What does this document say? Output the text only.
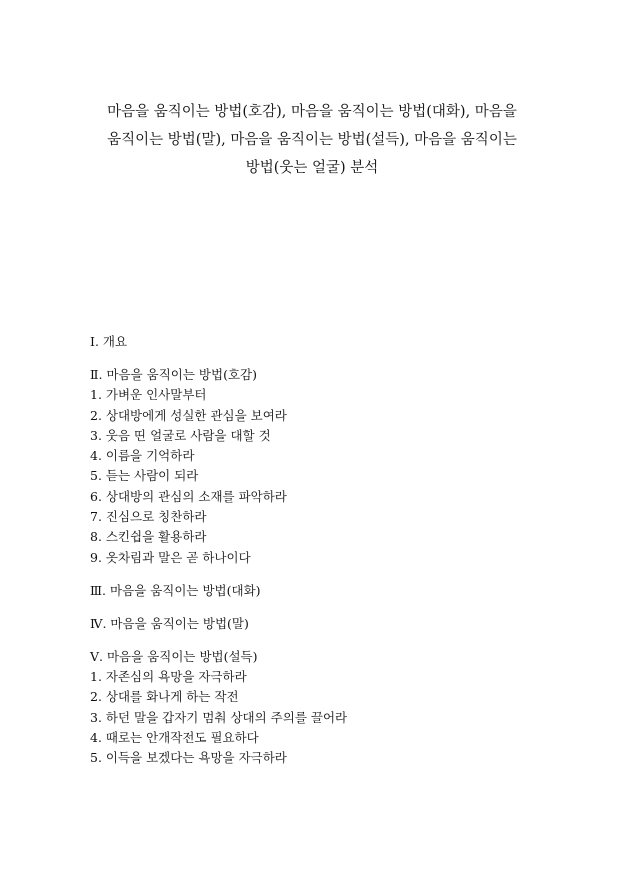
마음을 움직이는 방법(호감), 마음을 움직이는 방법(대화), 마음을
움직이는 방법(말), 마음을 움직이는 방법(설득), 마음을 움직이는
방법(웃는 얼굴) 분석
Ⅰ. 개요
Ⅱ. 마음을 움직이는 방법(호감)
1. 가벼운 인사말부터
2. 상대방에게 성실한 관심을 보여라
3. 웃음 띤 얼굴로 사람을 대할 것
4. 이름을 기억하라
5. 듣는 사람이 되라
6. 상대방의 관심의 소재를 파악하라
7. 진심으로 칭찬하라
8. 스킨쉽을 활용하라
9. 옷차림과 말은 곧 하나이다
Ⅲ. 마음을 움직이는 방법(대화)
Ⅳ. 마음을 움직이는 방법(말)
Ⅴ. 마음을 움직이는 방법(설득)
1. 자존심의 욕망을 자극하라
2. 상대를 화나게 하는 작전
3. 하던 말을 갑자기 멈춰 상대의 주의를 끌어라
4. 때로는 안개작전도 필요하다
5. 이득을 보겠다는 욕망을 자극하라
